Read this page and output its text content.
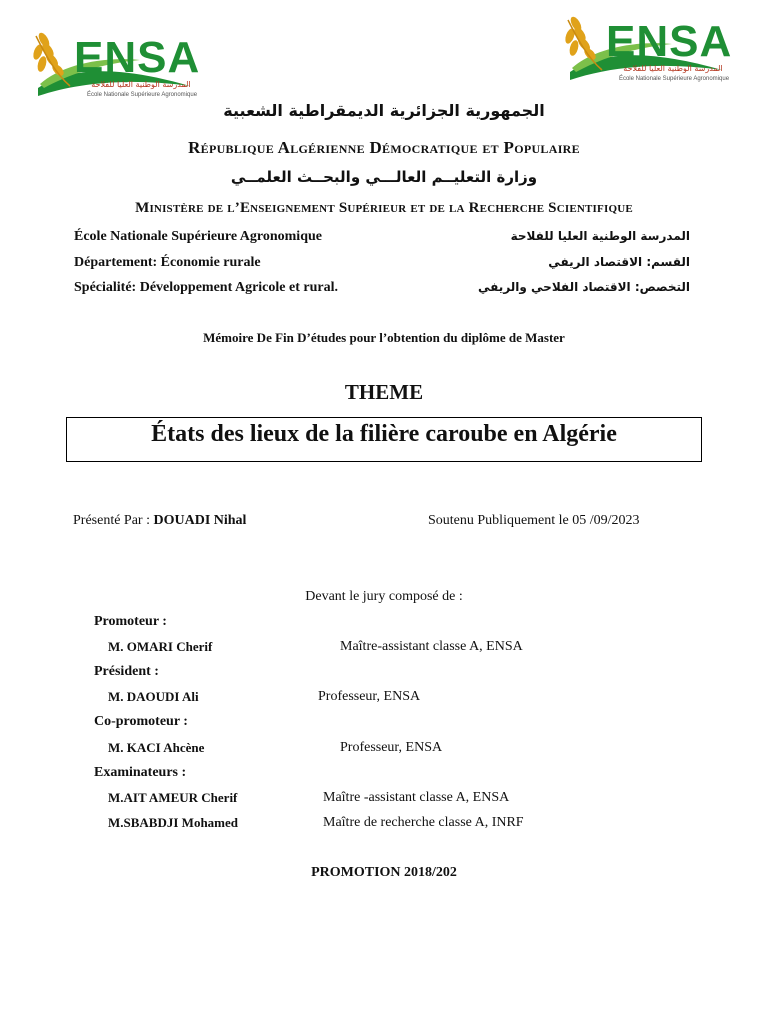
ENSA
المدرسة الوطنية العليا للفلاحة
École Nationale Supérieure Agronomique
ENSA
المدرسة الوطنية العليا للفلاحة
École Nationale Supérieure Agronomique
الجمهورية الجزائرية الديمقراطية الشعبية
République Algérienne Démocratique et Populaire
وزارة التعليــم العالـــي والبحــث العلمــي
Ministère de l’Enseignement Supérieur et de la Recherche Scientifique
École Nationale Supérieure Agronomique	المدرسة الوطنية العليا للفلاحة
Département: Économie rurale	القسم: الاقتصاد الريفي
Spécialité: Développement Agricole et rural.	التخصص: الاقتصاد الفلاحي والريفي
Mémoire De Fin D’études pour l’obtention du diplôme de Master
THEME
États des lieux de la filière caroube en Algérie
Présenté Par : DOUADI Nihal	Soutenu Publiquement le 05 /09/2023
Devant le jury composé de :
Promoteur :
M. OMARI Cherif	Maître-assistant classe A, ENSA
Président :
M. DAOUDI Ali	Professeur, ENSA
Co-promoteur :
M. KACI Ahcène	Professeur, ENSA
Examinateurs :
M.AIT AMEUR Cherif	Maître -assistant classe A, ENSA
M.SBABDJI Mohamed	Maître de recherche classe A, INRF
PROMOTION 2018/202
